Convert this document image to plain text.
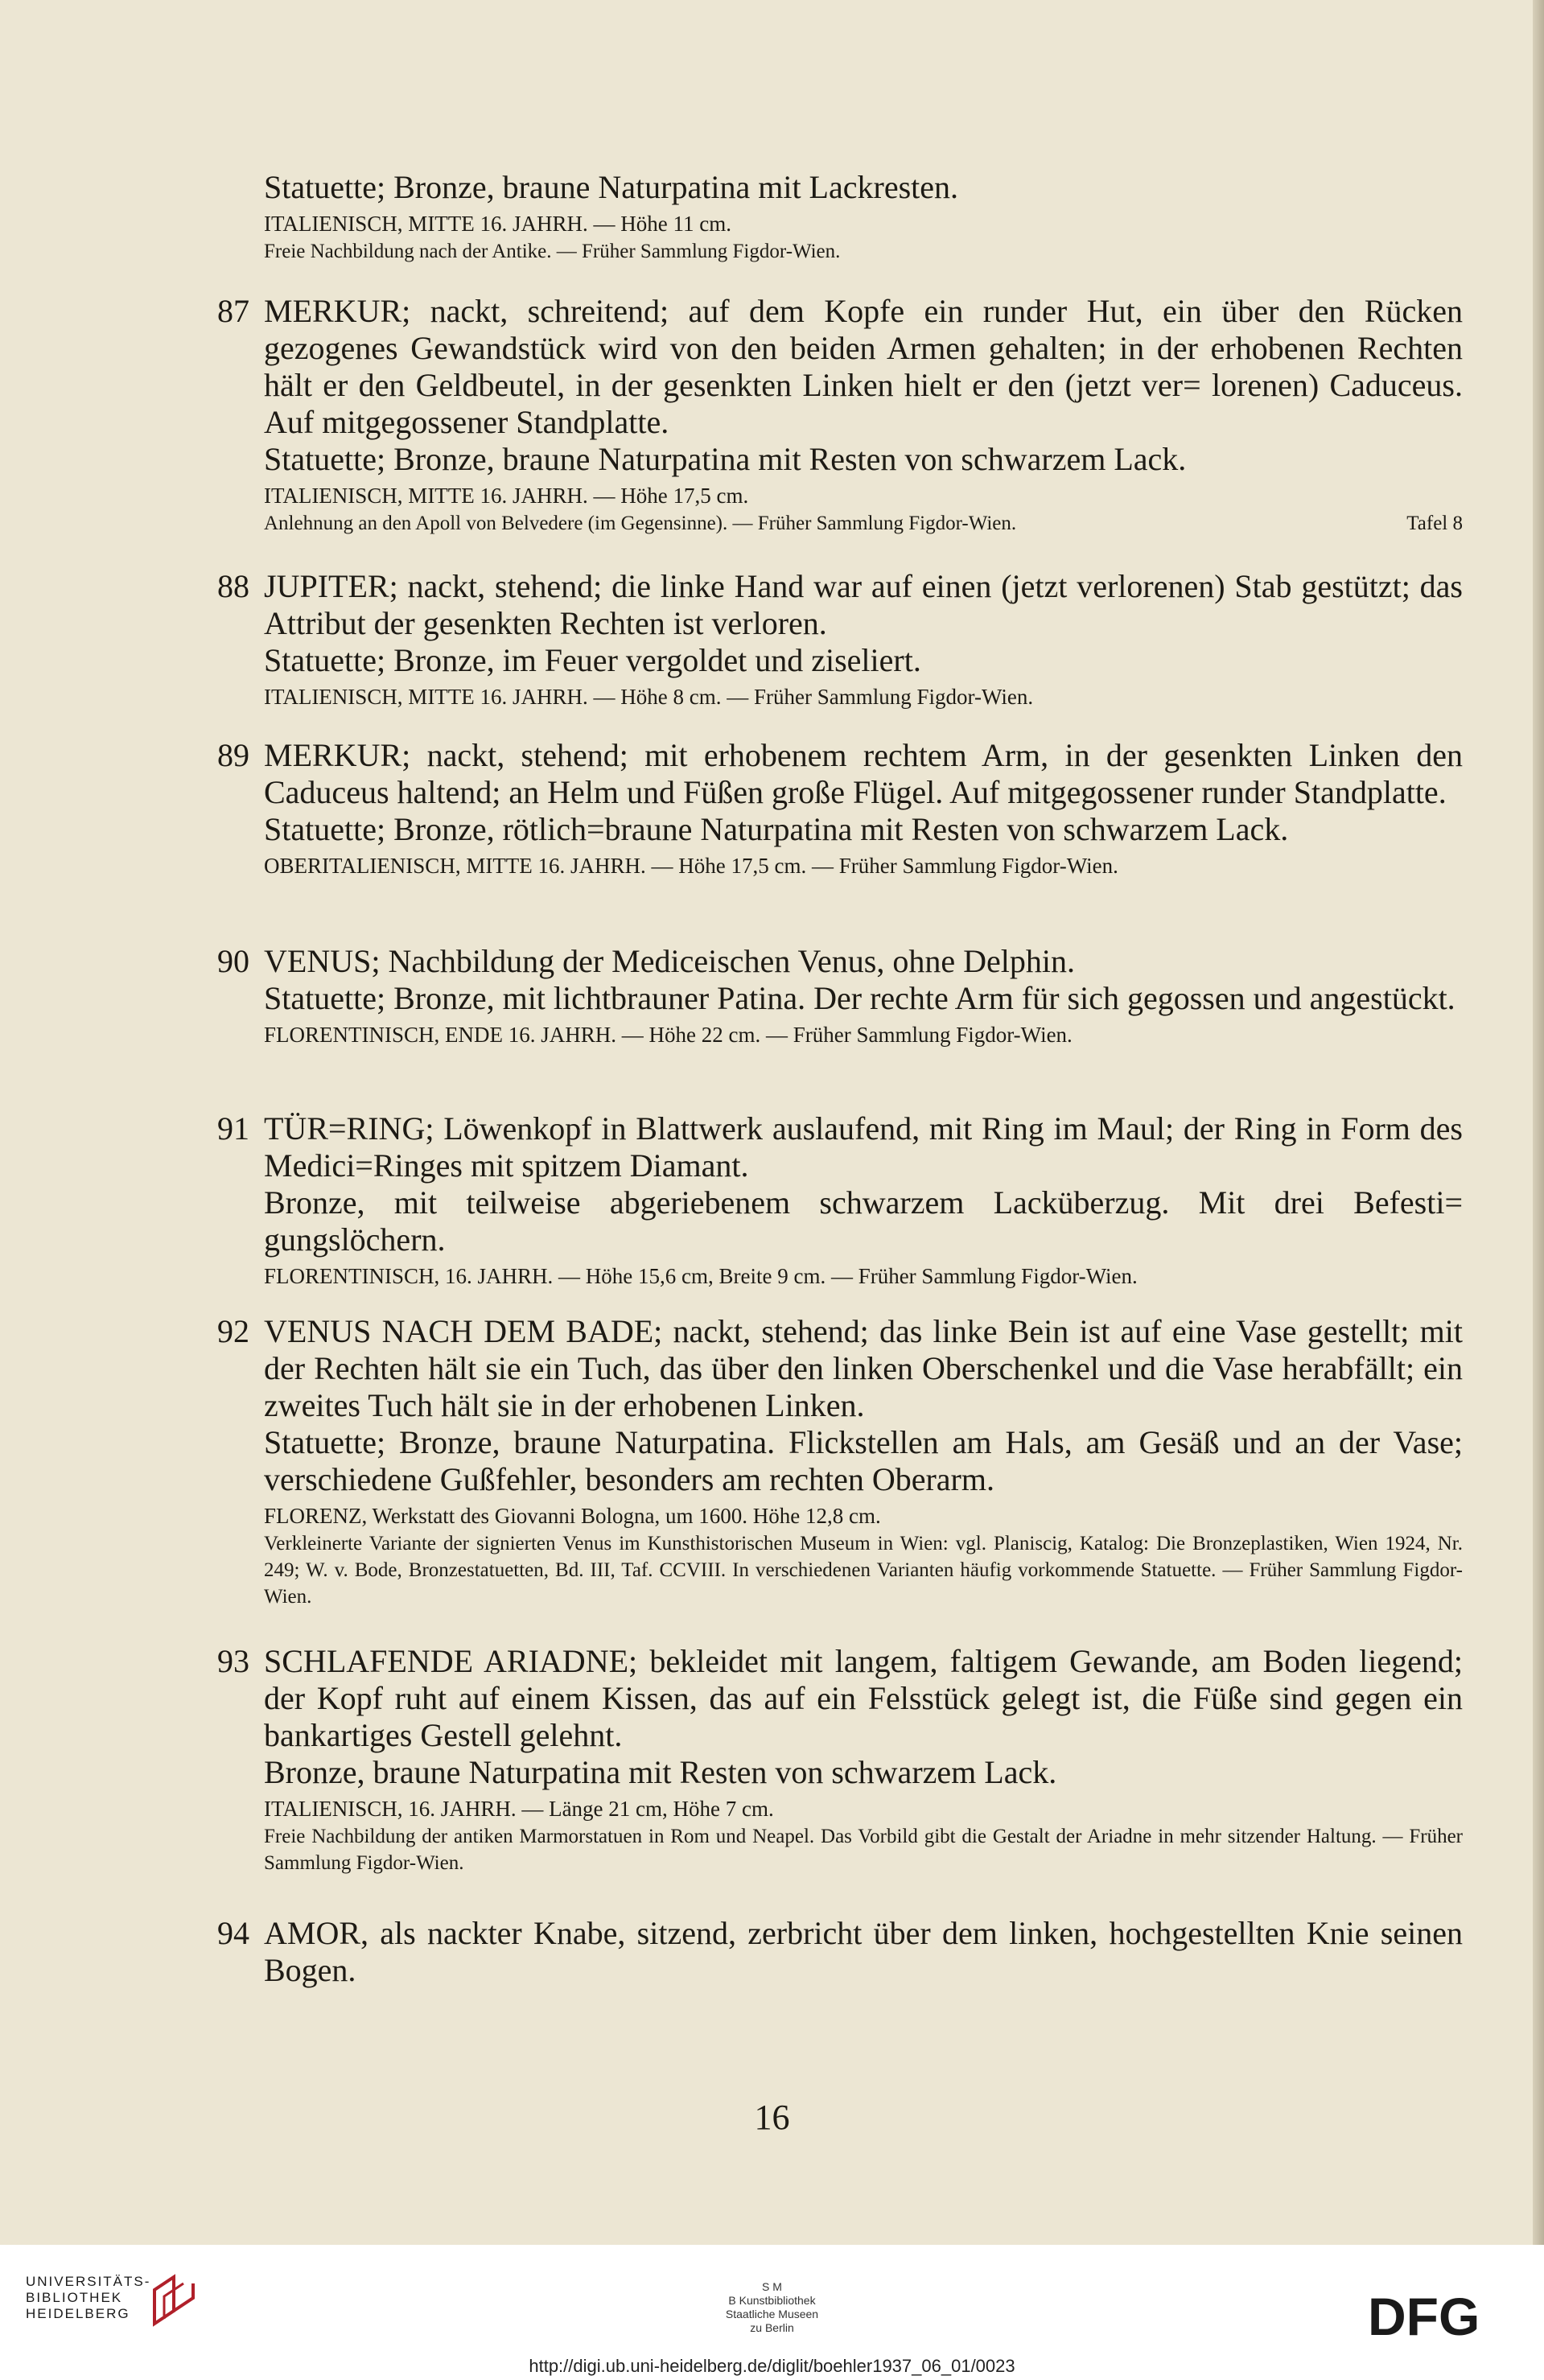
Statuette; Bronze, braune Naturpatina mit Lackresten.

ITALIENISCH, MITTE 16. JAHRH. — Höhe 11 cm.

Freie Nachbildung nach der Antike. — Früher Sammlung Figdor-Wien.

87 MERKUR; nackt, schreitend; auf dem Kopfe ein runder Hut, ein über den Rücken gezogenes Gewandstück wird von den beiden Armen gehalten; in der erhobenen Rechten hält er den Geldbeutel, in der gesenkten Linken hielt er den (jetzt ver= lorenen) Caduceus. Auf mitgegossener Standplatte.

Statuette; Bronze, braune Naturpatina mit Resten von schwarzem Lack.

ITALIENISCH, MITTE 16. JAHRH. — Höhe 17,5 cm.

Anlehnung an den Apoll von Belvedere (im Gegensinne). — Früher Sammlung Figdor-Wien.	Tafel 8
88 JUPITER; nackt, stehend; die linke Hand war auf einen (jetzt verlorenen) Stab gestützt; das Attribut der gesenkten Rechten ist verloren.

Statuette; Bronze, im Feuer vergoldet und ziseliert.

ITALIENISCH, MITTE 16. JAHRH. — Höhe 8 cm. — Früher Sammlung Figdor-Wien.

89 MERKUR; nackt, stehend; mit erhobenem rechtem Arm, in der gesenkten Linken den Caduceus haltend; an Helm und Füßen große Flügel. Auf mitgegossener runder Standplatte.

Statuette; Bronze, rötlich=braune Naturpatina mit Resten von schwarzem Lack.

OBERITALIENISCH, MITTE 16. JAHRH. — Höhe 17,5 cm. — Früher Sammlung Figdor-Wien.

90 VENUS; Nachbildung der Mediceischen Venus, ohne Delphin.

Statuette; Bronze, mit lichtbrauner Patina. Der rechte Arm für sich gegossen und angestückt.

FLORENTINISCH, ENDE 16. JAHRH. — Höhe 22 cm. — Früher Sammlung Figdor-Wien.

91 TÜR=RING; Löwenkopf in Blattwerk auslaufend, mit Ring im Maul; der Ring in Form des Medici=Ringes mit spitzem Diamant.

Bronze, mit teilweise abgeriebenem schwarzem Lacküberzug. Mit drei Befesti= gungslöchern.

FLORENTINISCH, 16. JAHRH. — Höhe 15,6 cm, Breite 9 cm. — Früher Sammlung Figdor-Wien.

92 VENUS NACH DEM BADE; nackt, stehend; das linke Bein ist auf eine Vase gestellt; mit der Rechten hält sie ein Tuch, das über den linken Oberschenkel und die Vase herabfällt; ein zweites Tuch hält sie in der erhobenen Linken.

Statuette; Bronze, braune Naturpatina. Flickstellen am Hals, am Gesäß und an der Vase; verschiedene Gußfehler, besonders am rechten Oberarm.

FLORENZ, Werkstatt des Giovanni Bologna, um 1600. Höhe 12,8 cm.

Verkleinerte Variante der signierten Venus im Kunsthistorischen Museum in Wien: vgl. Planiscig, Katalog: Die Bronzeplastiken, Wien 1924, Nr. 249; W. v. Bode, Bronzestatuetten, Bd. III, Taf. CCVIII. In verschiedenen Varianten häufig vorkommende Statuette. — Früher Sammlung Figdor-Wien.

93 SCHLAFENDE ARIADNE; bekleidet mit langem, faltigem Gewande, am Boden liegend; der Kopf ruht auf einem Kissen, das auf ein Felsstück gelegt ist, die Füße sind gegen ein bankartiges Gestell gelehnt.

Bronze, braune Naturpatina mit Resten von schwarzem Lack.

ITALIENISCH, 16. JAHRH. — Länge 21 cm, Höhe 7 cm.

Freie Nachbildung der antiken Marmorstatuen in Rom und Neapel. Das Vorbild gibt die Gestalt der Ariadne in mehr sitzender Haltung. — Früher Sammlung Figdor-Wien.

94 AMOR, als nackter Knabe, sitzend, zerbricht über dem linken, hochgestellten Knie seinen Bogen.

16
UNIVERSITÄTS-
BIBLIOTHEK
HEIDELBERG
S M
B Kunstbibliothek
Staatliche Museen
zu Berlin	DFG
http://digi.ub.uni-heidelberg.de/diglit/boehler1937_06_01/0023
